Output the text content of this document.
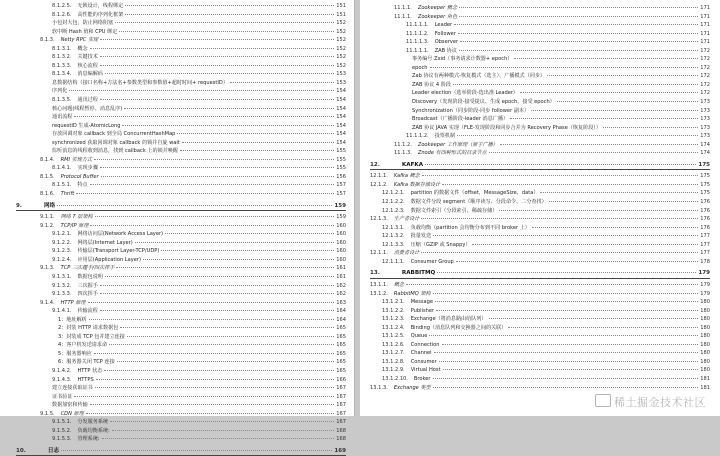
8.1.2.5. 无锁设计，线程绑定	151
8.1.2.6. 高性能的序列化框架	151
小包封大包，防止网络阻塞	152
软中断 Hash 值和 CPU 绑定	152
8.1.3. Netty RPC 实现	152
8.1.3.1. 概念	152
8.1.3.2. 关键技术	152
8.1.3.3. 核心流程	152
8.1.3.4. 消息编解码	153
息数据结构（接口名称+方法名+参数类型和参数值+超时时间+ requestID）	153
序列化	154
8.1.3.5. 通讯过程	154
核心问题(线程暂停、消息乱序)	154
通讯流程	154
requestID 生成-AtomicLong	154
存放回调对象 callback 到全局 ConcurrentHashMap	154
synchronized 获取回调对象 callback 的锁并自旋 wait	154
监听消息的线程收到消息，找到 callback 上的锁并唤醒	155
8.1.4. RMI 实现方式	155
8.1.4.1. 实现步骤	155
8.1.5. Protocol Buffer	156
8.1.5.1. 特点	157
8.1.6. Thrift	157
9.	网络	159
9.1.1. 网络 7 层架构	159
9.1.2. TCP/IP 原理	160
9.1.2.1. 网络访问层(Network Access Layer)	160
9.1.2.2. 网络层(Internet Layer)	160
9.1.2.3. 传输层(Transport Layer-TCP/UDP)	160
9.1.2.4. 应用层(Application Layer)	160
9.1.3. TCP 三次握手/四次挥手	161
9.1.3.1. 数据包说明	161
9.1.3.2. 三次握手	162
9.1.3.3. 四次挥手	162
9.1.4. HTTP 原理	163
9.1.4.1. 传输流程	164
1：地址解析	164
2：封装 HTTP 请求数据包	165
3：封装成 TCP 包并建立连接	165
4：客户机发送请求命	165
5：服务器响应	165
6：服务器关闭 TCP 连接	165
9.1.4.2. HTTP 状态	165
9.1.4.3. HTTPS	166
建立连接获取证书	167
证书验证	167
数据加密和传输	167
9.1.5. CDN 原理	167
9.1.5.1. 分发服务系统	167
9.1.5.2. 负载均衡系统:	168
9.1.5.3. 管理系统:	168
10.	日志	169
11.1.1. Zookeeper 概念	171
11.1.1. Zookeeper 角色	171
11.1.1.1. Leader	171
11.1.1.2. Follower	171
11.1.1.3. Observer	171
11.1.1.1. ZAB 协议	172
事务编号 Zxid（事务请求计数器+ epoch）	172
epoch	172
Zab 协议有两种模式-恢复模式（选主）、广播模式（同步）	172
ZAB 协议 4 阶段	172
Leader election（选举阶段-选出准 Leader）	172
Discovery（发现阶段-接受提议、生成 epoch、接受 epoch）	173
Synchronization（同步阶段-同步 follower 副本）	173
Broadcast（广播阶段-leader 消息广播）	173
ZAB 协议 JAVA 实现（FLE-发现阶段和同步合并为 Recovery Phase（恢复阶段））	173
11.1.1.2. 投票机制	173
11.1.2. Zookeeper 工作原理（原子广播）	174
11.1.3. Znode 有四种形式的目录节点	174
12.	KAFKA	175
12.1.1. Kafka 概念	175
12.1.2. Kafka 数据存储设计	175
12.1.2.1. partition 的数据文件（offset，MessageSize，data）	175
12.1.2.2. 数据文件分段 segment（顺序读写、分段命令、二分查找）	176
12.1.2.3. 数据文件索引（分段索引、稀疏存储）	176
12.1.3. 生产者设计	176
12.1.3.1. 负载均衡（partition 会均衡分布到不同 broker 上）	176
12.1.3.2. 批量发送	177
12.1.3.3. 压缩（GZIP 或 Snappy）	177
12.1.1. 消费者设计	177
12.1.1.1. Consumer Group	178
13.	RABBITMQ	179
13.1.1. 概念	179
13.1.2. RabbitMQ 架构	179
13.1.2.1. Message	180
13.1.2.2. Publisher	180
13.1.2.3. Exchange（将消息路由给队列）	180
13.1.2.4. Binding（消息队列和交换器之间的关联）	180
13.1.2.5. Queue	180
13.1.2.6. Connection	180
13.1.2.7. Channel	180
13.1.2.8. Consumer	180
13.1.2.9. Virtual Host	180
13.1.2.10. Broker	181
13.1.3. Exchange 类型	181
稀土掘金技术社区
